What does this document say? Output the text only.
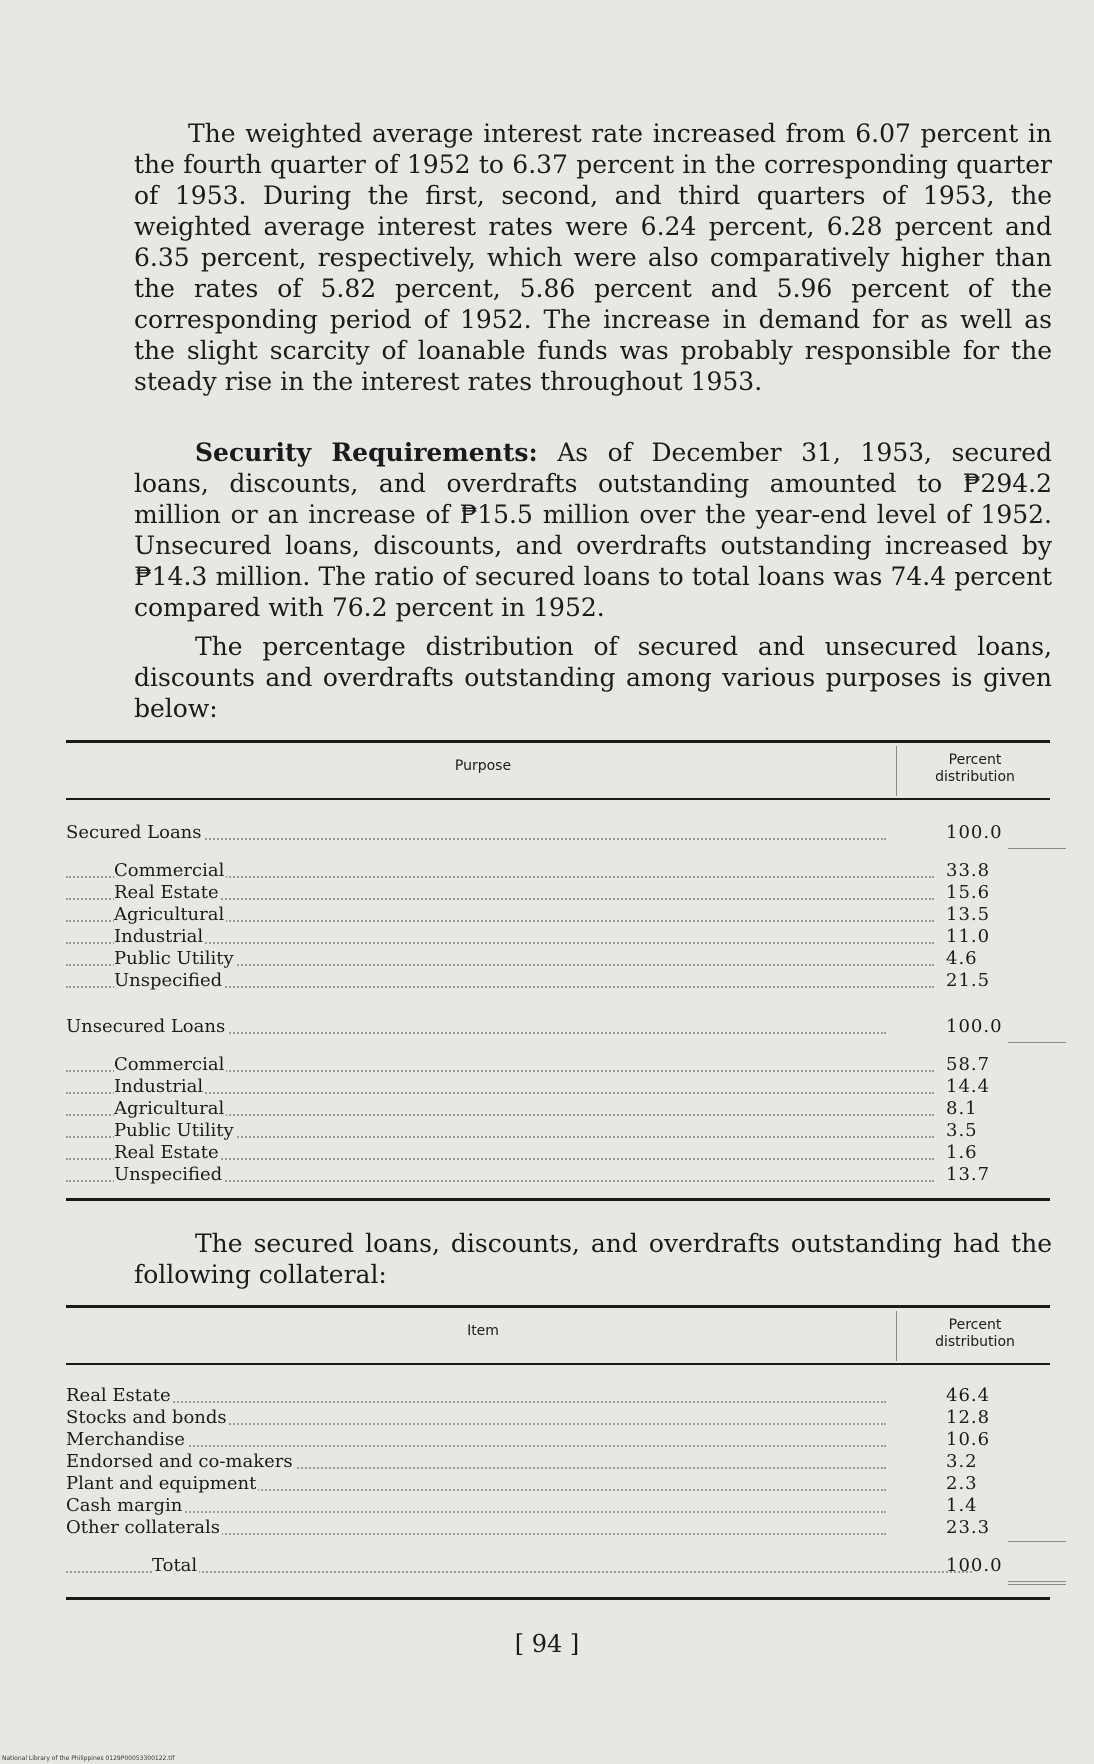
The weighted average interest rate increased from 6.07 percent in the fourth quarter of 1952 to 6.37 percent in the corresponding quarter of 1953. During the first, second, and third quarters of 1953, the weighted average interest rates were 6.24 percent, 6.28 percent and 6.35 percent, respectively, which were also comparatively higher than the rates of 5.82 percent, 5.86 percent and 5.96 percent of the corresponding period of 1952. The increase in demand for as well as the slight scarcity of loanable funds was probably responsible for the steady rise in the interest rates throughout 1953.

Security Requirements: As of December 31, 1953, secured loans, discounts, and overdrafts outstanding amounted to ₱294.2 million or an increase of ₱15.5 million over the year-end level of 1952. Unsecured loans, discounts, and overdrafts outstanding increased by ₱14.3 million. The ratio of secured loans to total loans was 74.4 percent compared with 76.2 percent in 1952.

The percentage distribution of secured and unsecured loans, discounts and overdrafts outstanding among various purposes is given below:

Purpose	Percent
distribution
Secured Loans	100.0
Commercial	33.8
Real Estate	15.6
Agricultural	13.5
Industrial	11.0
Public Utility	4.6
Unspecified	21.5
Unsecured Loans	100.0
Commercial	58.7
Industrial	14.4
Agricultural	8.1
Public Utility	3.5
Real Estate	1.6
Unspecified	13.7

The secured loans, discounts, and overdrafts outstanding had the following collateral:

Item	Percent
distribution
Real Estate	46.4
Stocks and bonds	12.8
Merchandise	10.6
Endorsed and co-makers	3.2
Plant and equipment	2.3
Cash margin	1.4
Other collaterals	23.3
Total	100.0
[ 94 ]
National Library of the Philippines 0129P00053300122.tif
